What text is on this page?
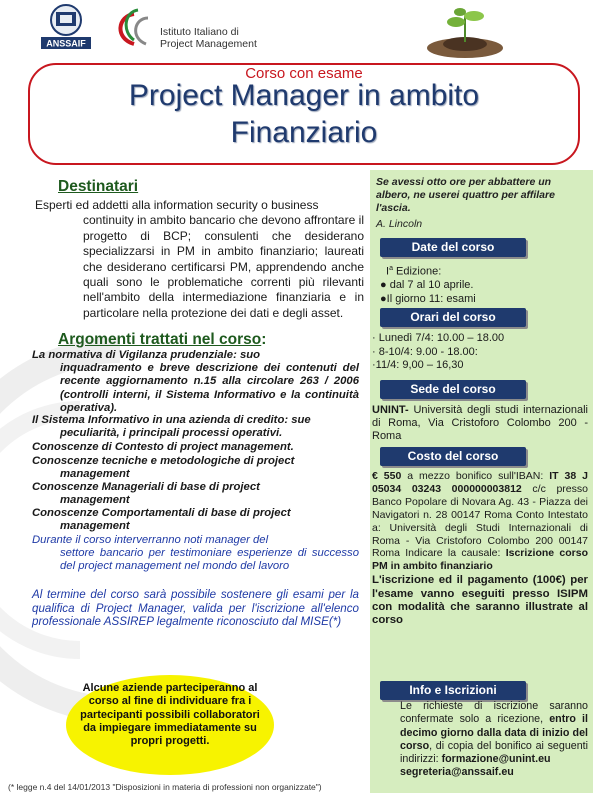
ANSSAIF
Istituto Italiano di
Project Management
Corso con esame
Project Manager in ambito
Finanziario
Se avessi otto ore per abbattere un albero, ne userei quattro per affilare l'ascia.
A. Lincoln
Date del corso
$I^a$ Edizione:
● dal 7 al 10 aprile.
●Il giorno 11: esami
Orari del corso
· Lunedì 7/4: 10.00 – 18.00
· 8-10/4: 9.00 - 18.00:
·11/4: 9,00 – 16,30
Sede del corso
UNINT- Università degli studi internazionali di Roma, Via Cristoforo Colombo 200 - Roma
Costo del corso
€ 550 a mezzo bonifico sull'IBAN: IT 38 J 05034 03243 000000003812 c/c presso Banco Popolare di Novara Ag. 43 - Piazza dei Navigatori n. 28 00147 Roma Conto Intestato a: Università degli Studi Internazionali di Roma - Via Cristoforo Colombo 200 00147 Roma Indicare la causale: Iscrizione corso PM in ambito finanziario
L'iscrizione ed il pagamento (100€) per l'esame vanno eseguiti presso ISIPM con modalità che saranno illustrate al corso
Info e Iscrizioni
Le richieste di iscrizione saranno confermate solo a ricezione, entro il decimo giorno dalla data di inizio del corso, di copia del bonifico ai seguenti indirizzi: formazione@unint.eu
segreteria@anssaif.eu
Destinatari
Esperti ed addetti alla information security o business
continuity in ambito bancario che devono affrontare il progetto di BCP; consulenti che desiderano specializzarsi in PM in ambito finanziario; laureati che desiderano certificarsi PM, apprendendo anche quali sono le problematiche correnti più rilevanti nell'ambito della intermediazione finanziaria e in particolare nella protezione dei dati e degli asset.
Argomenti trattati nel corso:
La normativa di Vigilanza prudenziale: suo
inquadramento e breve descrizione dei contenuti del recente aggiornamento n.15 alla circolare 263 / 2006 (controlli interni, il Sistema Informativo e la continuità operativa).
Il Sistema Informativo in una azienda di credito: sue
peculiarità, i principali processi operativi.
Conoscenze di Contesto di project management.
Conoscenze tecniche e metodologiche di project
management
Conoscenze Manageriali di base di project
management
Conoscenze Comportamentali di base di project
management
Durante il corso interverranno noti manager del
settore bancario per testimoniare esperienze di successo del project management nel mondo del lavoro
Al termine del corso sarà possibile sostenere gli esami per la qualifica di Project Manager, valida per l'iscrizione all'elenco professionale ASSIREP legalmente riconosciuto dal MISE(*)
Alcune aziende parteciperanno al corso al fine di individuare fra i partecipanti possibili collaboratori da impiegare immediatamente su propri progetti.
(* legge n.4 del 14/01/2013 "Disposizioni in materia di professioni non organizzate")
